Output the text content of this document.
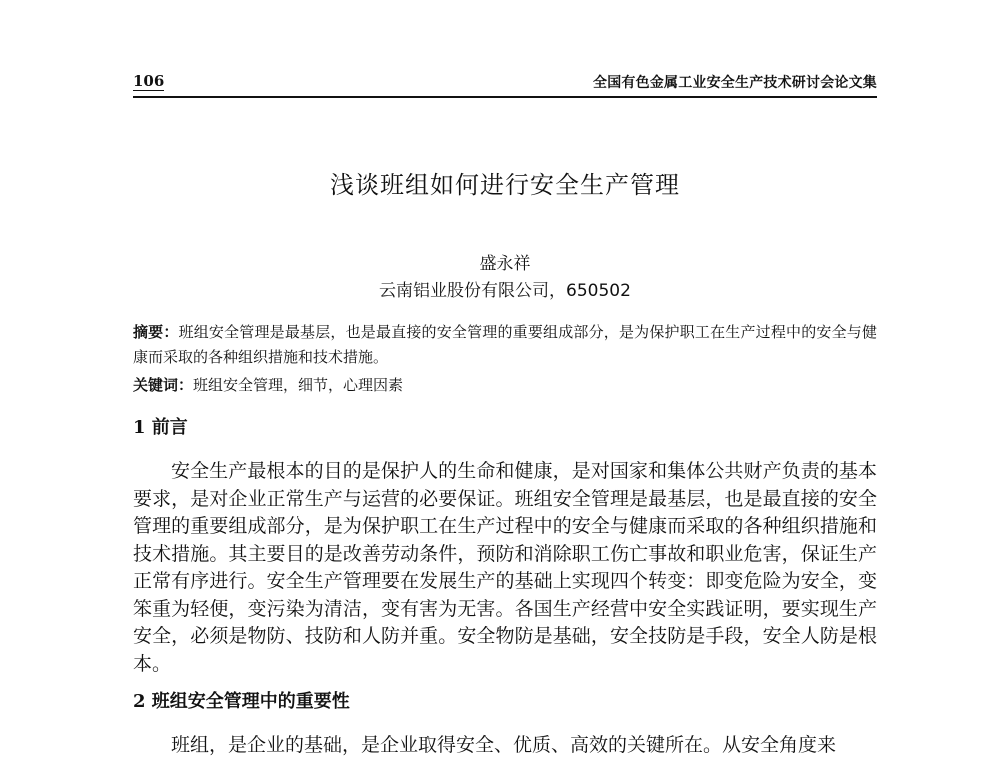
106	全国有色金属工业安全生产技术研讨会论文集
浅谈班组如何进行安全生产管理
盛永祥
云南铝业股份有限公司，650502
摘要：班组安全管理是最基层，也是最直接的安全管理的重要组成部分，是为保护职工在生产过程中的安全与健康而采取的各种组织措施和技术措施。
关键词：班组安全管理，细节，心理因素
1 前言
安全生产最根本的目的是保护人的生命和健康，是对国家和集体公共财产负责的基本要求，是对企业正常生产与运营的必要保证。班组安全管理是最基层，也是最直接的安全管理的重要组成部分，是为保护职工在生产过程中的安全与健康而采取的各种组织措施和技术措施。其主要目的是改善劳动条件，预防和消除职工伤亡事故和职业危害，保证生产正常有序进行。安全生产管理要在发展生产的基础上实现四个转变：即变危险为安全，变笨重为轻便，变污染为清洁，变有害为无害。各国生产经营中安全实践证明，要实现生产安全，必须是物防、技防和人防并重。安全物防是基础，安全技防是手段，安全人防是根本。
2 班组安全管理中的重要性
班组，是企业的基础，是企业取得安全、优质、高效的关键所在。从安全角度来
